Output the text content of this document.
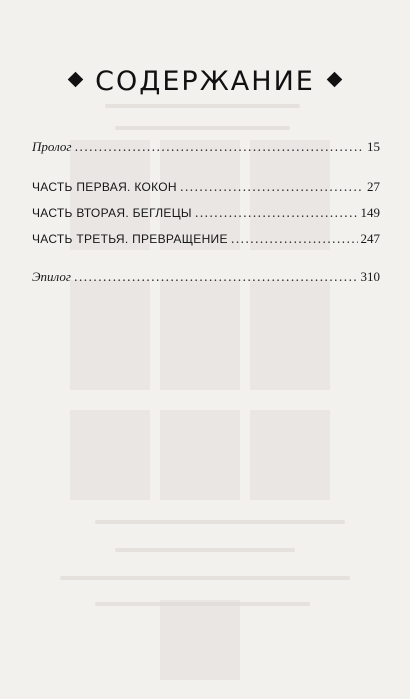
СОДЕРЖАНИЕ
Пролог .....	15
ЧАСТЬ ПЕРВАЯ. КОКОН .....	27
ЧАСТЬ ВТОРАЯ. БЕГЛЕЦЫ .....	149
ЧАСТЬ ТРЕТЬЯ. ПРЕВРАЩЕНИЕ .....	247
Эпилог .....	310
